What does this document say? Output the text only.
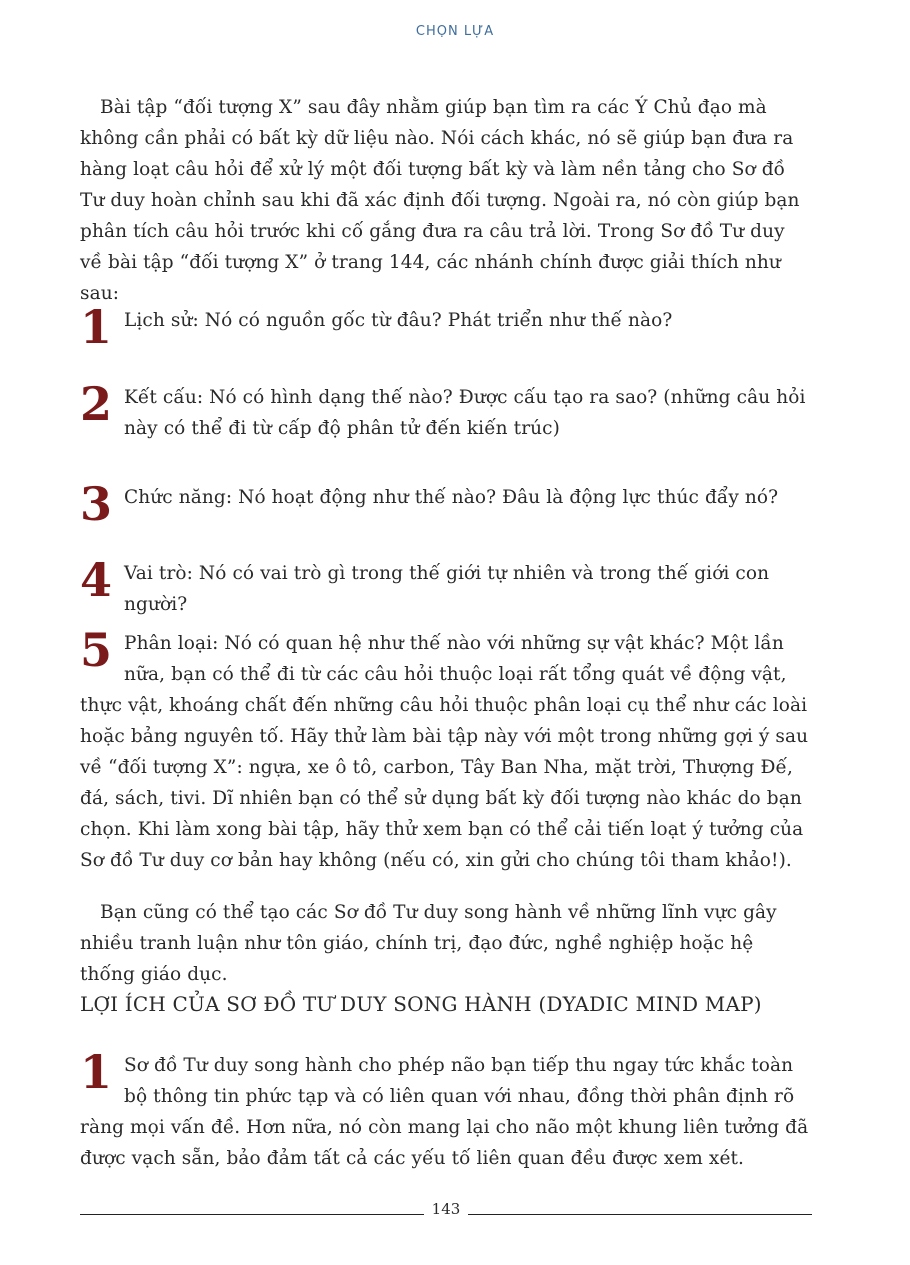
CHỌN LỰA

Bài tập “đối tượng X” sau đây nhằm giúp bạn tìm ra các Ý Chủ đạo mà không cần phải có bất kỳ dữ liệu nào. Nói cách khác, nó sẽ giúp bạn đưa ra hàng loạt câu hỏi để xử lý một đối tượng bất kỳ và làm nền tảng cho Sơ đồ Tư duy hoàn chỉnh sau khi đã xác định đối tượng. Ngoài ra, nó còn giúp bạn phân tích câu hỏi trước khi cố gắng đưa ra câu trả lời. Trong Sơ đồ Tư duy về bài tập “đối tượng X” ở trang 144, các nhánh chính được giải thích như sau:

1 Lịch sử: Nó có nguồn gốc từ đâu? Phát triển như thế nào?
2 Kết cấu: Nó có hình dạng thế nào? Được cấu tạo ra sao? (những câu hỏi này có thể đi từ cấp độ phân tử đến kiến trúc)
3 Chức năng: Nó hoạt động như thế nào? Đâu là động lực thúc đẩy nó?
4 Vai trò: Nó có vai trò gì trong thế giới tự nhiên và trong thế giới con người?
5 Phân loại: Nó có quan hệ như thế nào với những sự vật khác? Một lần nữa, bạn có thể đi từ các câu hỏi thuộc loại rất tổng quát về động vật, thực vật, khoáng chất đến những câu hỏi thuộc phân loại cụ thể như các loài hoặc bảng nguyên tố. Hãy thử làm bài tập này với một trong những gợi ý sau về “đối tượng X”: ngựa, xe ô tô, carbon, Tây Ban Nha, mặt trời, Thượng Đế, đá, sách, tivi. Dĩ nhiên bạn có thể sử dụng bất kỳ đối tượng nào khác do bạn chọn. Khi làm xong bài tập, hãy thử xem bạn có thể cải tiến loạt ý tưởng của Sơ đồ Tư duy cơ bản hay không (nếu có, xin gửi cho chúng tôi tham khảo!).

Bạn cũng có thể tạo các Sơ đồ Tư duy song hành về những lĩnh vực gây nhiều tranh luận như tôn giáo, chính trị, đạo đức, nghề nghiệp hoặc hệ thống giáo dục.

LỢI ÍCH CỦA SƠ ĐỒ TƯ DUY SONG HÀNH (DYADIC MIND MAP)
1 Sơ đồ Tư duy song hành cho phép não bạn tiếp thu ngay tức khắc toàn bộ thông tin phức tạp và có liên quan với nhau, đồng thời phân định rõ ràng mọi vấn đề. Hơn nữa, nó còn mang lại cho não một khung liên tưởng đã được vạch sẵn, bảo đảm tất cả các yếu tố liên quan đều được xem xét.
143
